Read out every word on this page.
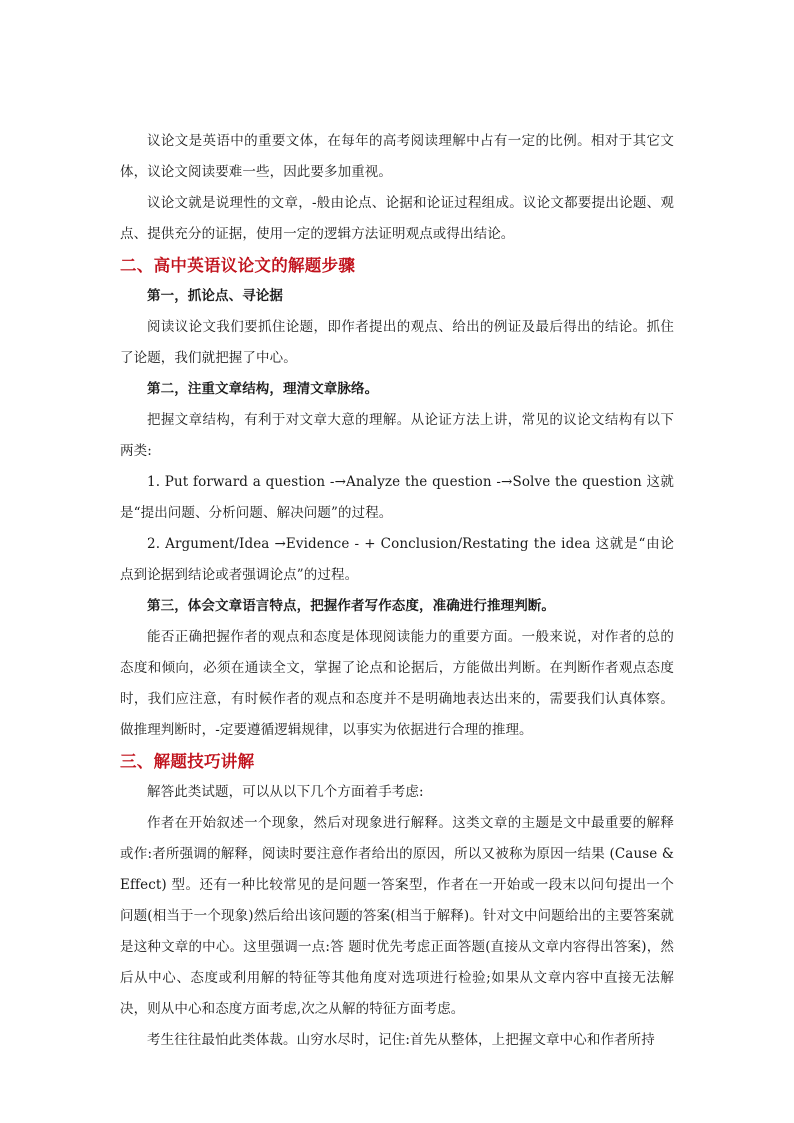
议论文是英语中的重要文体，在每年的高考阅读理解中占有一定的比例。相对于其它文体，议论文阅读要难一些，因此要多加重视。

议论文就是说理性的文章，-般由论点、论据和论证过程组成。议论文都要提出论题、观点、提供充分的证据，使用一定的逻辑方法证明观点或得出结论。

二、高中英语议论文的解题步骤

第一，抓论点、寻论据

阅读议论文我们要抓住论题，即作者提出的观点、给出的例证及最后得出的结论。抓住了论题，我们就把握了中心。

第二，注重文章结构，理清文章脉络。

把握文章结构，有利于对文章大意的理解。从论证方法上讲，常见的议论文结构有以下两类:

1. Put forward a question -→Analyze the question -→Solve the question 这就是“提出问题、分析问题、解决问题”的过程。

2. Argument/Idea →Evidence - + Conclusion/Restating the idea 这就是“由论点到论据到结论或者强调论点”的过程。

第三，体会文章语言特点，把握作者写作态度，准确进行推理判断。

能否正确把握作者的观点和态度是体现阅读能力的重要方面。一般来说，对作者的总的态度和倾向，必须在通读全文，掌握了论点和论据后，方能做出判断。在判断作者观点态度时，我们应注意，有时候作者的观点和态度并不是明确地表达出来的，需要我们认真体察。做推理判断时，-定要遵循逻辑规律，以事实为依据进行合理的推理。

三、解题技巧讲解

解答此类试题，可以从以下几个方面着手考虑:

作者在开始叙述一个现象，然后对现象进行解释。这类文章的主题是文中最重要的解释或作:者所强调的解释，阅读时要注意作者给出的原因，所以又被称为原因一结果 (Cause & Effect) 型。还有一种比较常见的是问题一答案型，作者在一开始或一段末以问句提出一个问题(相当于一个现象)然后给出该问题的答案(相当于解释)。针对文中问题给出的主要答案就是这种文章的中心。这里强调一点:答 题时优先考虑正面答题(直接从文章内容得出答案)，然后从中心、态度或利用解的特征等其他角度对选项进行检验;如果从文章内容中直接无法解决，则从中心和态度方面考虑,次之从解的特征方面考虑。

考生往往最怕此类体裁。山穷水尽时，记住:首先从整体，上把握文章中心和作者所持
